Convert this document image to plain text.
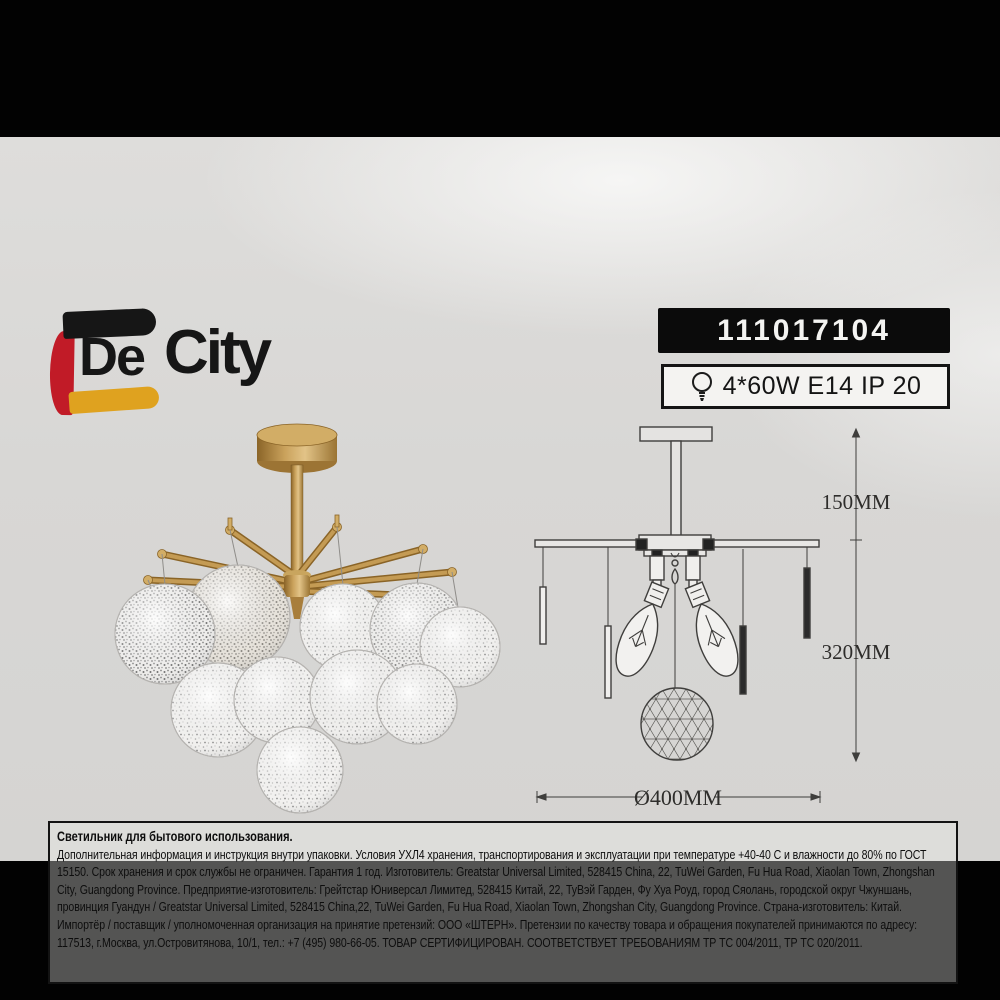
De City	111017104
4*60W E14 IP 20
150MM
320MM
Ø400MM
Светильник для бытового использования.
Дополнительная информация и инструкция внутри упаковки. Условия УХЛ4 хранения, транспортирования и эксплуатации при температуре +40-40 С и влажности до 80% по ГОСТ 15150. Срок хранения и срок службы не ограничен. Гарантия 1 год. Изготовитель: Greatstar Universal Limited, 528415 China, 22, TuWei Garden, Fu Hua Road, Xiaolan Town, Zhongshan City, Guangdong Province. Предприятие-изготовитель: Грейтстар Юниверсал Лимитед, 528415 Китай, 22, ТуВэй Гарден, Фу Хуа Роуд, город Сяолань, городской округ Чжуншань, провинция Гуандун / Greatstar Universal Limited, 528415 China,22, TuWei Garden, Fu Hua Road, Xiaolan Town, Zhongshan City, Guangdong Province. Страна-изготовитель: Китай. Импортёр / поставщик / уполномоченная организация на принятие претензий: ООО «ШТЕРН». Претензии по качеству товара и обращения покупателей принимаются по адресу: 117513, г.Москва, ул.Островитянова, 10/1, тел.: +7 (495) 980-66-05. ТОВАР СЕРТИФИЦИРОВАН. СООТВЕТСТВУЕТ ТРЕБОВАНИЯМ ТР ТС 004/2011, ТР ТС 020/2011.
